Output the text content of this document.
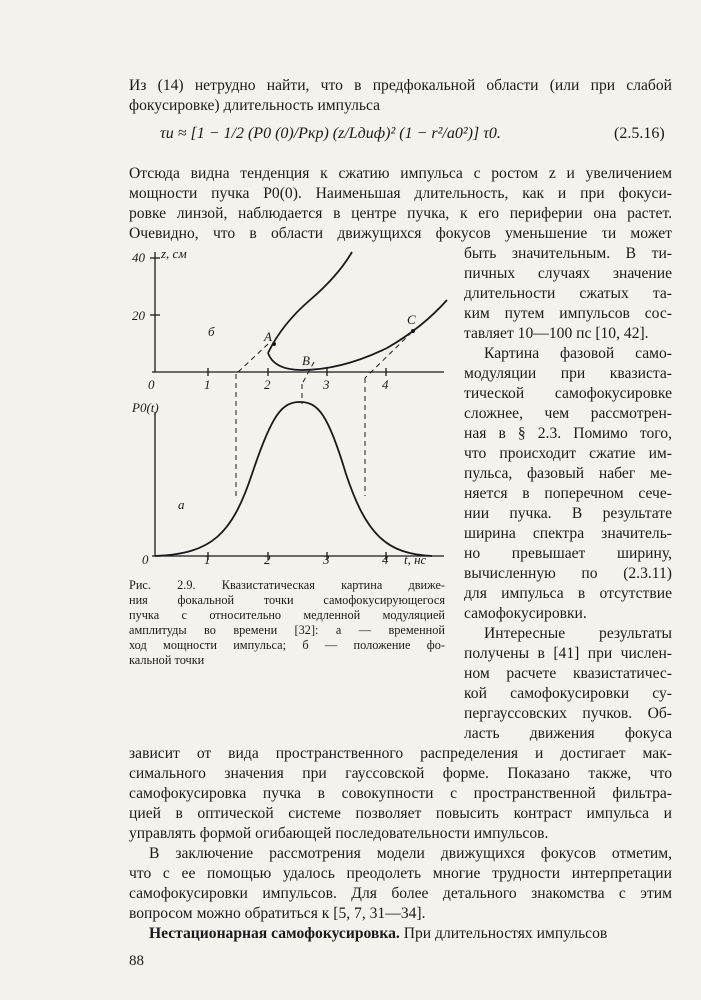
Из (14) нетрудно найти, что в предфокальной области (или при слабой
фокусировке) длительность импульса
τи ≈ [1 − 1/2 (P0 (0)/Pкр) (z/Lдиф)² (1 − r²/a0²)] τ0.	(2.5.16)
Отсюда видна тенденция к сжатию импульса с ростом z и увеличением
мощности пучка P0(0). Наименьшая длительность, как и при фокуси-
ровке линзой, наблюдается в центре пучка, к его периферии она растет.
Очевидно, что в области движущихся фокусов уменьшение τи может
40
20
z, см
б	A
B
C
0	1	2	3	4
P0(t)
а
0	1	2	3	4 t, нс
быть значительным. В ти-
пичных случаях значение
длительности сжатых та-
ким путем импульсов сос-
тавляет 10—100 пс [10, 42].
Картина фазовой само-
модуляции при квазиста-
тической самофокусировке
сложнее, чем рассмотрен-
ная в § 2.3. Помимо того,
что происходит сжатие им-
пульса, фазовый набег ме-
няется в поперечном сече-
нии пучка. В результате
ширина спектра значитель-
но превышает ширину,
вычисленную по (2.3.11)
для импульса в отсутствие
самофокусировки.
Интересные результаты
получены в [41] при числен-
ном расчете квазистатичес-
кой самофокусировки су-
пергауссовских пучков. Об-
ласть движения фокуса
Рис. 2.9. Квазистатическая картина движе-
ния фокальной точки самофокусирующегося
пучка с относительно медленной модуляцией
амплитуды во времени [32]: а — временной
ход мощности импульса; б — положение фо-
кальной точки
зависит от вида пространственного распределения и достигает мак-
симального значения при гауссовской форме. Показано также, что
самофокусировка пучка в совокупности с пространственной фильтра-
цией в оптической системе позволяет повысить контраст импульса и
управлять формой огибающей последовательности импульсов.
В заключение рассмотрения модели движущихся фокусов отметим,
что с ее помощью удалось преодолеть многие трудности интерпретации
самофокусировки импульсов. Для более детального знакомства с этим
вопросом можно обратиться к [5, 7, 31—34].
Нестационарная самофокусировка. При длительностях импульсов
88
